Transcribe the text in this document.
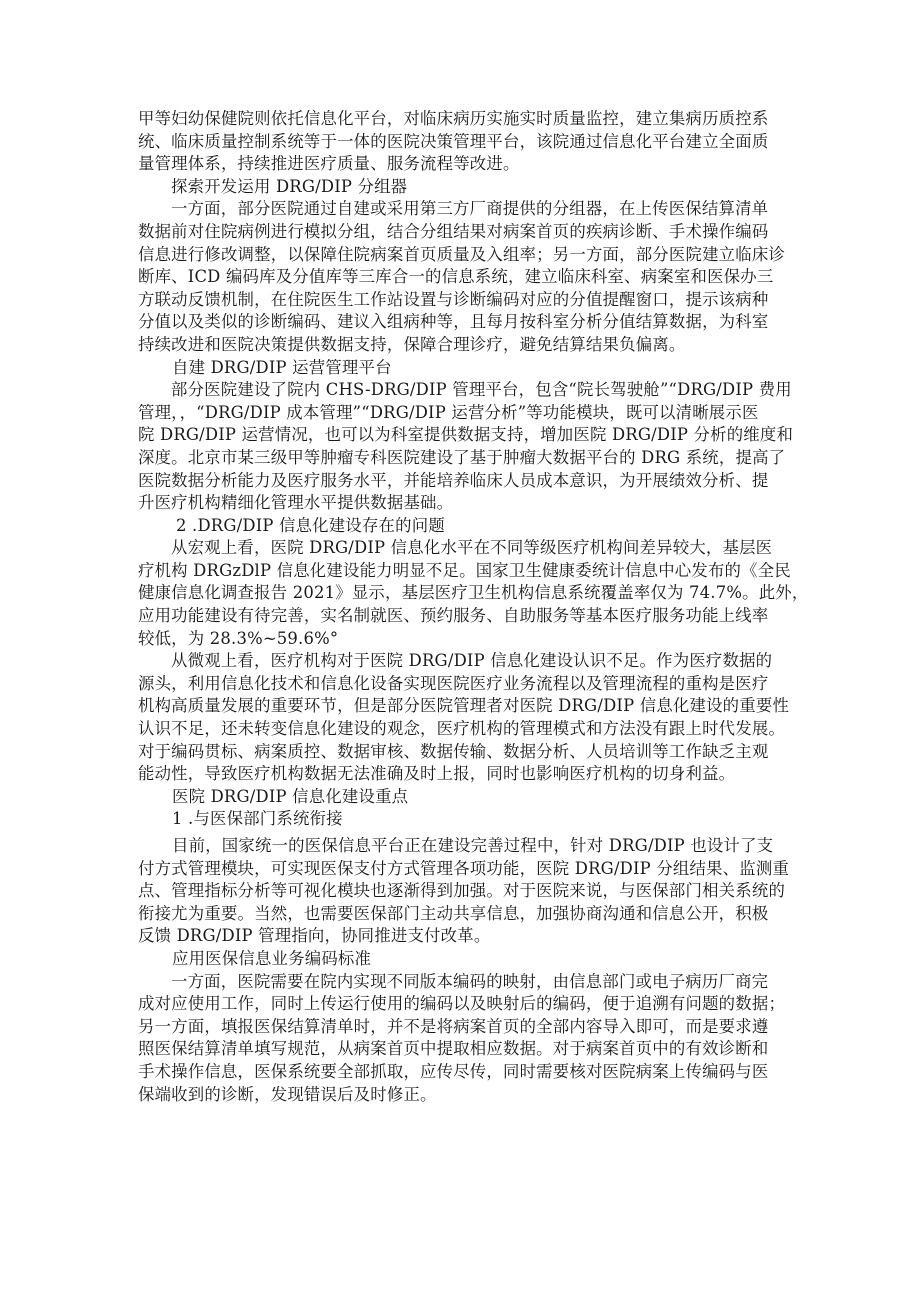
甲等妇幼保健院则依托信息化平台，对临床病历实施实时质量监控，建立集病历质控系
统、临床质量控制系统等于一体的医院决策管理平台，该院通过信息化平台建立全面质
量管理体系，持续推进医疗质量、服务流程等改进。
探索开发运用 DRG/DIP 分组器
一方面，部分医院通过自建或采用第三方厂商提供的分组器，在上传医保结算清单
数据前对住院病例进行模拟分组，结合分组结果对病案首页的疾病诊断、手术操作编码
信息进行修改调整，以保障住院病案首页质量及入组率；另一方面，部分医院建立临床诊
断库、ICD 编码库及分值库等三库合一的信息系统，建立临床科室、病案室和医保办三
方联动反馈机制，在住院医生工作站设置与诊断编码对应的分值提醒窗口，提示该病种
分值以及类似的诊断编码、建议入组病种等，且每月按科室分析分值结算数据，为科室
持续改进和医院决策提供数据支持，保障合理诊疗，避免结算结果负偏离。
自建 DRG/DIP 运营管理平台
部分医院建设了院内 CHS-DRG/DIP 管理平台，包含“院长驾驶舱”“DRG/DIP 费用
管理，，“DRG/DIP 成本管理”“DRG/DIP 运营分析”等功能模块，既可以清晰展示医
院 DRG/DIP 运营情况，也可以为科室提供数据支持，增加医院 DRG/DIP 分析的维度和
深度。北京市某三级甲等肿瘤专科医院建设了基于肿瘤大数据平台的 DRG 系统，提高了
医院数据分析能力及医疗服务水平，并能培养临床人员成本意识，为开展绩效分析、提
升医疗机构精细化管理水平提供数据基础。
2 .DRG/DIP 信息化建设存在的问题
从宏观上看，医院 DRG/DIP 信息化水平在不同等级医疗机构间差异较大，基层医
疗机构 DRGzDlP 信息化建设能力明显不足。国家卫生健康委统计信息中心发布的《全民
健康信息化调查报告 2021》显示，基层医疗卫生机构信息系统覆盖率仅为 74.7%。此外，
应用功能建设有待完善，实名制就医、预约服务、自助服务等基本医疗服务功能上线率
较低，为 28.3%~59.6%°
从微观上看，医疗机构对于医院 DRG/DIP 信息化建设认识不足。作为医疗数据的
源头，利用信息化技术和信息化设备实现医院医疗业务流程以及管理流程的重构是医疗
机构高质量发展的重要环节，但是部分医院管理者对医院 DRG/DIP 信息化建设的重要性
认识不足，还未转变信息化建设的观念，医疗机构的管理模式和方法没有跟上时代发展。
对于编码贯标、病案质控、数据审核、数据传输、数据分析、人员培训等工作缺乏主观
能动性，导致医疗机构数据无法准确及时上报，同时也影响医疗机构的切身利益。
医院 DRG/DIP 信息化建设重点
1 .与医保部门系统衔接
目前，国家统一的医保信息平台正在建设完善过程中，针对 DRG/DIP 也设计了支
付方式管理模块，可实现医保支付方式管理各项功能，医院 DRG/DIP 分组结果、监测重
点、管理指标分析等可视化模块也逐渐得到加强。对于医院来说，与医保部门相关系统的
衔接尤为重要。当然，也需要医保部门主动共享信息，加强协商沟通和信息公开，积极
反馈 DRG/DIP 管理指向，协同推进支付改革。
应用医保信息业务编码标准
一方面，医院需要在院内实现不同版本编码的映射，由信息部门或电子病历厂商完
成对应使用工作，同时上传运行使用的编码以及映射后的编码，便于追溯有问题的数据；
另一方面，填报医保结算清单时，并不是将病案首页的全部内容导入即可，而是要求遵
照医保结算清单填写规范，从病案首页中提取相应数据。对于病案首页中的有效诊断和
手术操作信息，医保系统要全部抓取，应传尽传，同时需要核对医院病案上传编码与医
保端收到的诊断，发现错误后及时修正。
